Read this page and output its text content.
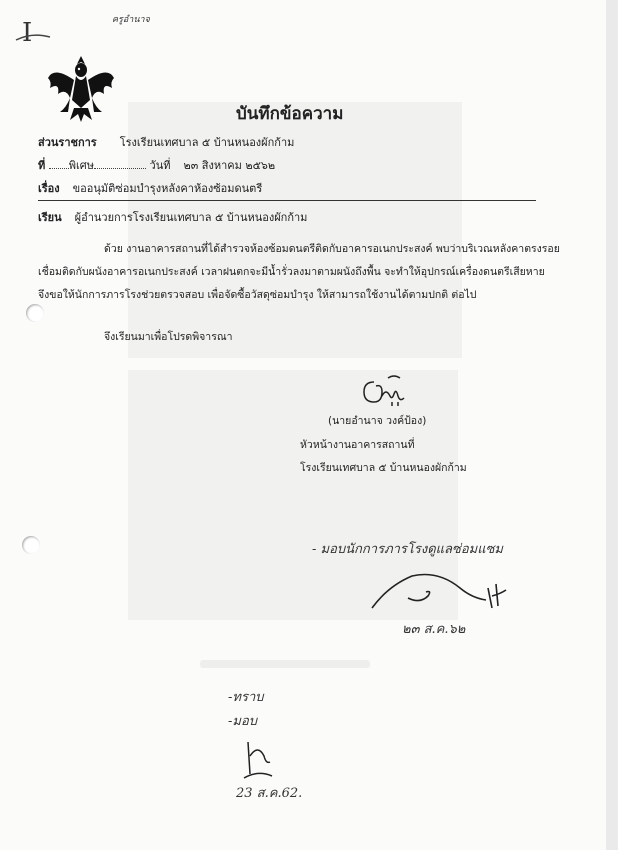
I	ครูอำนาจ
บันทึกข้อความ
ส่วนราชการ โรงเรียนเทศบาล ๕ บ้านหนองผักก้าม
ที่ พิเศษ	วันที่ ๒๓ สิงหาคม ๒๕๖๒
เรื่อง ขออนุมัติซ่อมบำรุงหลังคาห้องซ้อมดนตรี
เรียน ผู้อำนวยการโรงเรียนเทศบาล ๕ บ้านหนองผักก้าม
ด้วย งานอาคารสถานที่ได้สำรวจห้องซ้อมดนตรีติดกับอาคารอเนกประสงค์ พบว่าบริเวณหลังคาตรงรอย
เชื่อมติดกับผนังอาคารอเนกประสงค์ เวลาฝนตกจะมีน้ำรั่วลงมาตามผนังถึงพื้น จะทำให้อุปกรณ์เครื่องดนตรีเสียหาย
จึงขอให้นักการภารโรงช่วยตรวจสอบ เพื่อจัดซื้อวัสดุซ่อมบำรุง ให้สามารถใช้งานได้ตามปกติ ต่อไป
จึงเรียนมาเพื่อโปรดพิจารณา
(นายอำนาจ วงค์ป้อง)
หัวหน้างานอาคารสถานที่
โรงเรียนเทศบาล ๕ บ้านหนองผักก้าม
- มอบนักการภารโรงดูแลซ่อมแซม
๒๓ ส.ค.๖๒
-ทราบ
-มอบ
23 ส.ค.62.
